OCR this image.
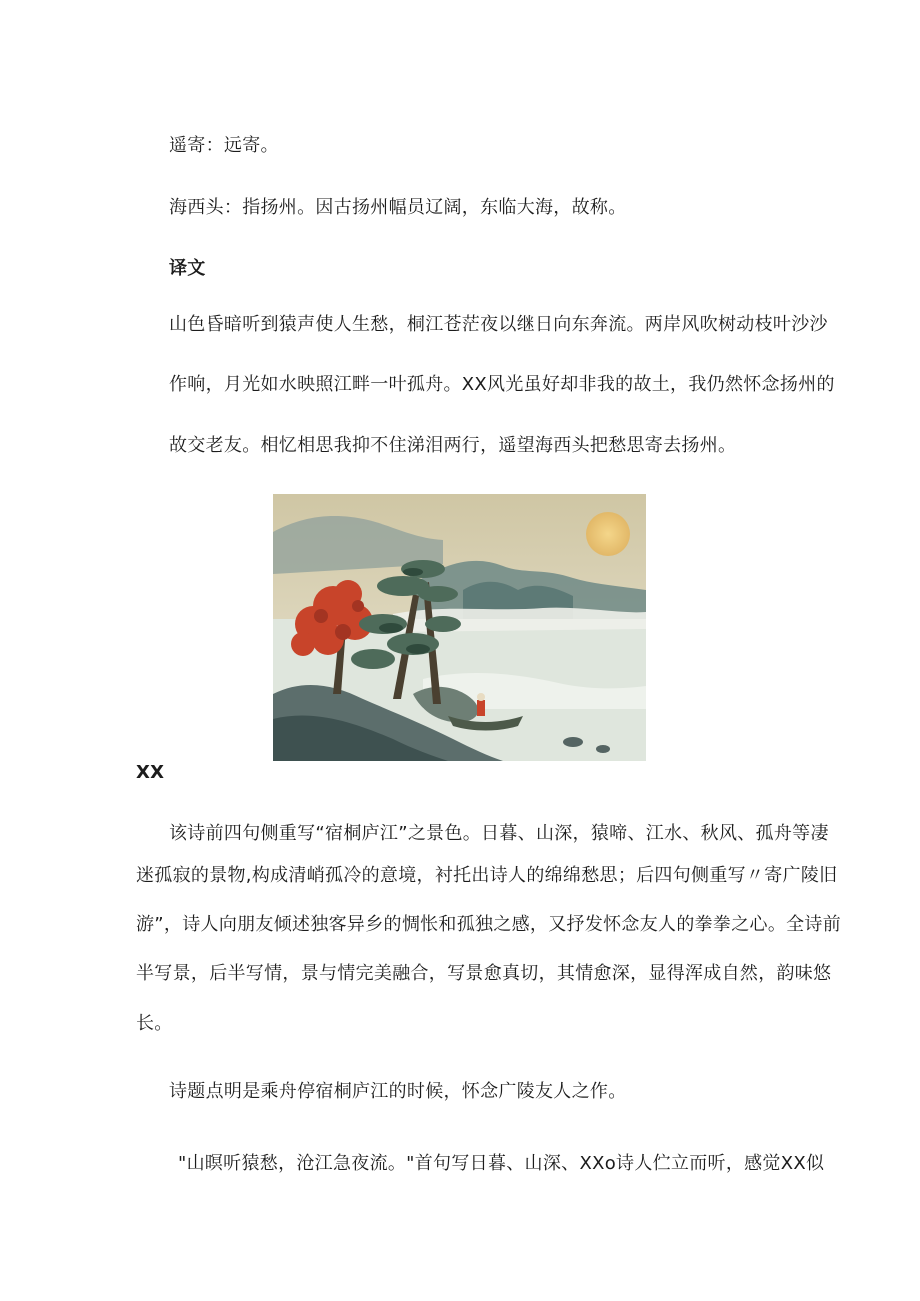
遥寄：远寄。
海西头：指扬州。因古扬州幅员辽阔，东临大海，故称。
译文
山色昏暗听到猿声使人生愁，桐江苍茫夜以继日向东奔流。两岸风吹树动枝叶沙沙
作响，月光如水映照江畔一叶孤舟。XX风光虽好却非我的故土，我仍然怀念扬州的
故交老友。相忆相思我抑不住涕泪两行，遥望海西头把愁思寄去扬州。
XX
该诗前四句侧重写“宿桐庐江”之景色。日暮、山深，猿啼、江水、秋风、孤舟等凄
迷孤寂的景物,构成清峭孤冷的意境，衬托出诗人的绵绵愁思；后四句侧重写〃寄广陵旧
游”，诗人向朋友倾述独客异乡的惆怅和孤独之感，又抒发怀念友人的拳拳之心。全诗前
半写景，后半写情，景与情完美融合，写景愈真切，其情愈深，显得浑成自然，韵味悠
长。
诗题点明是乘舟停宿桐庐江的时候，怀念广陵友人之作。
"山暝听猿愁，沧江急夜流。"首句写日暮、山深、XXo诗人伫立而听，感觉XX似
